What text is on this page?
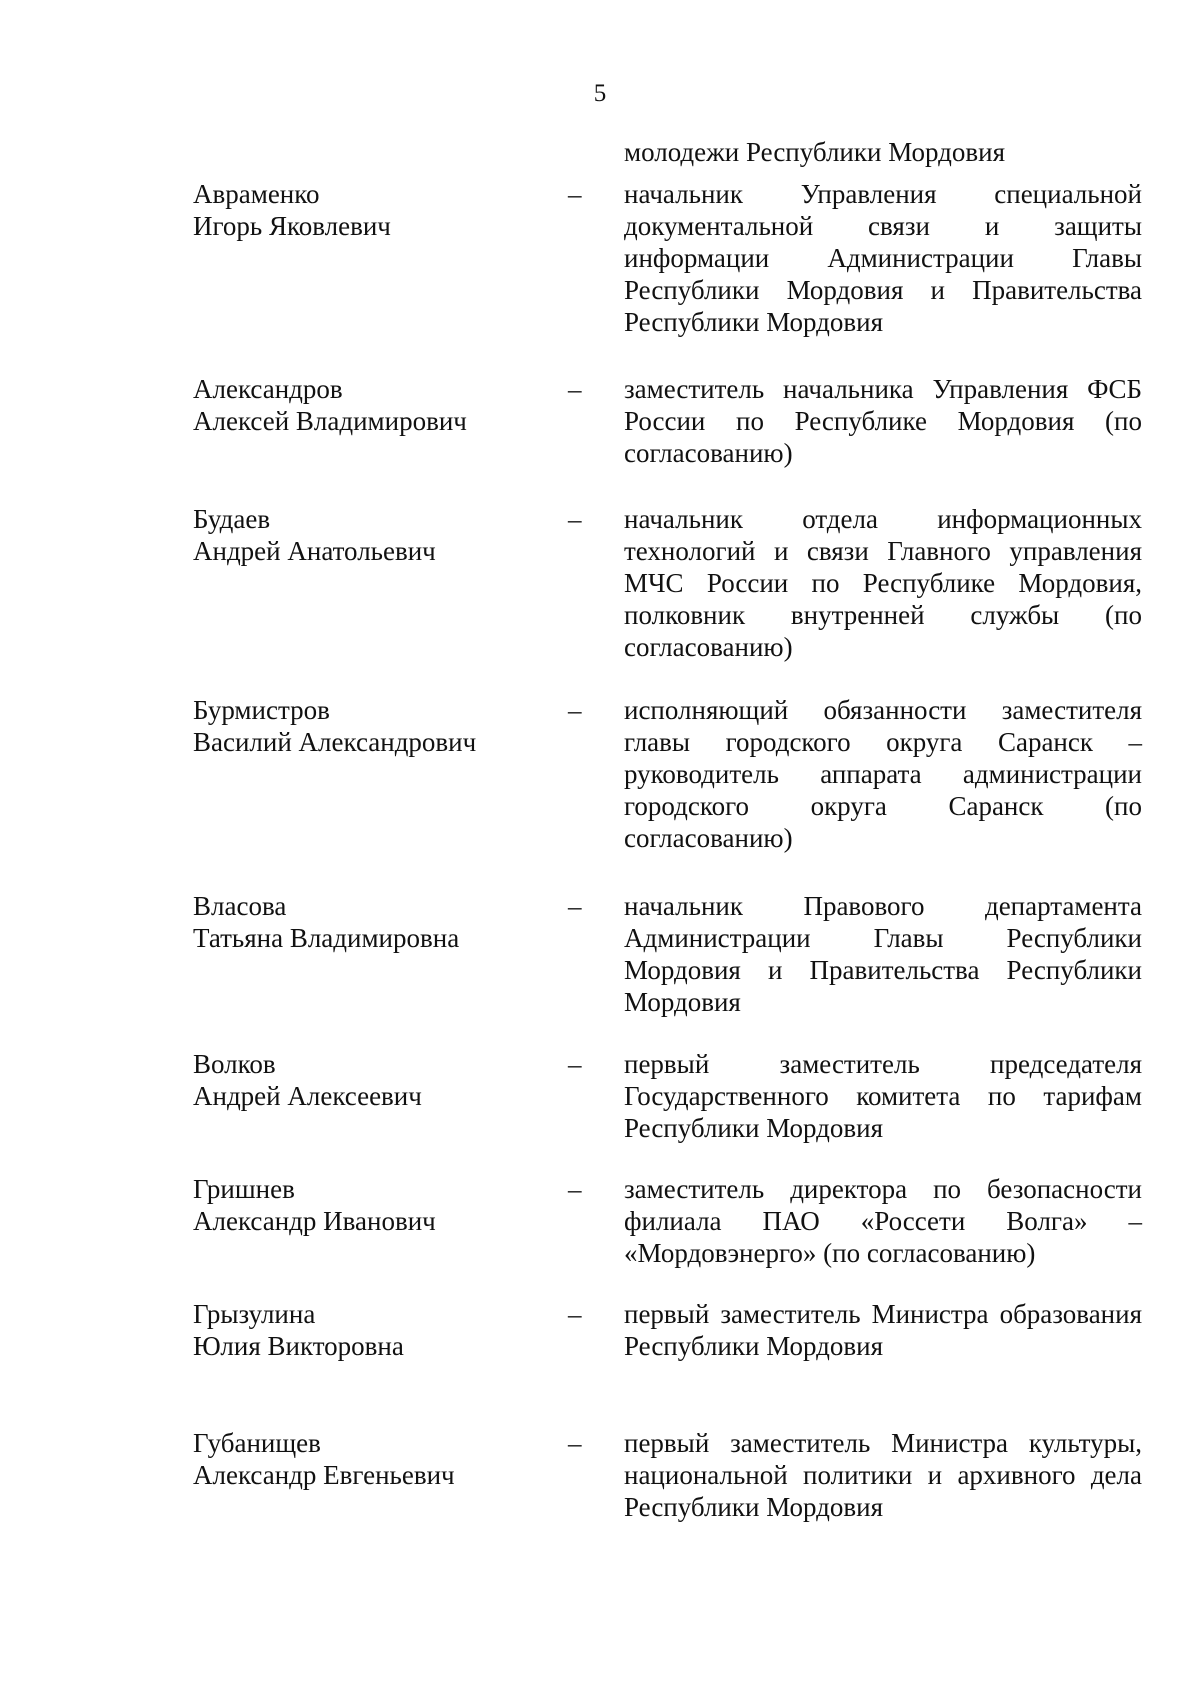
5
молодежи Республики Мордовия
Авраменко
Игорь Яковлевич
– начальник Управления специальной документальной связи и защиты информации Администрации Главы Республики Мордовия и Правительства Республики Мордовия
Александров
Алексей Владимирович
– заместитель начальника Управления ФСБ России по Республике Мордовия (по согласованию)
Будаев
Андрей Анатольевич
– начальник отдела информационных технологий и связи Главного управления МЧС России по Республике Мордовия, полковник внутренней службы (по согласованию)
Бурмистров
Василий Александрович
– исполняющий обязанности заместителя главы городского округа Саранск – руководитель аппарата администрации городского округа Саранск (по согласованию)
Власова
Татьяна Владимировна
– начальник Правового департамента Администрации Главы Республики Мордовия и Правительства Республики Мордовия
Волков
Андрей Алексеевич
– первый заместитель председателя Государственного комитета по тарифам Республики Мордовия
Гришнев
Александр Иванович
– заместитель директора по безопасности филиала ПАО «Россети Волга» – «Мордовэнерго» (по согласованию)
Грызулина
Юлия Викторовна
– первый заместитель Министра образования Республики Мордовия
Губанищев
Александр Евгеньевич
– первый заместитель Министра культуры, национальной политики и архивного дела Республики Мордовия
